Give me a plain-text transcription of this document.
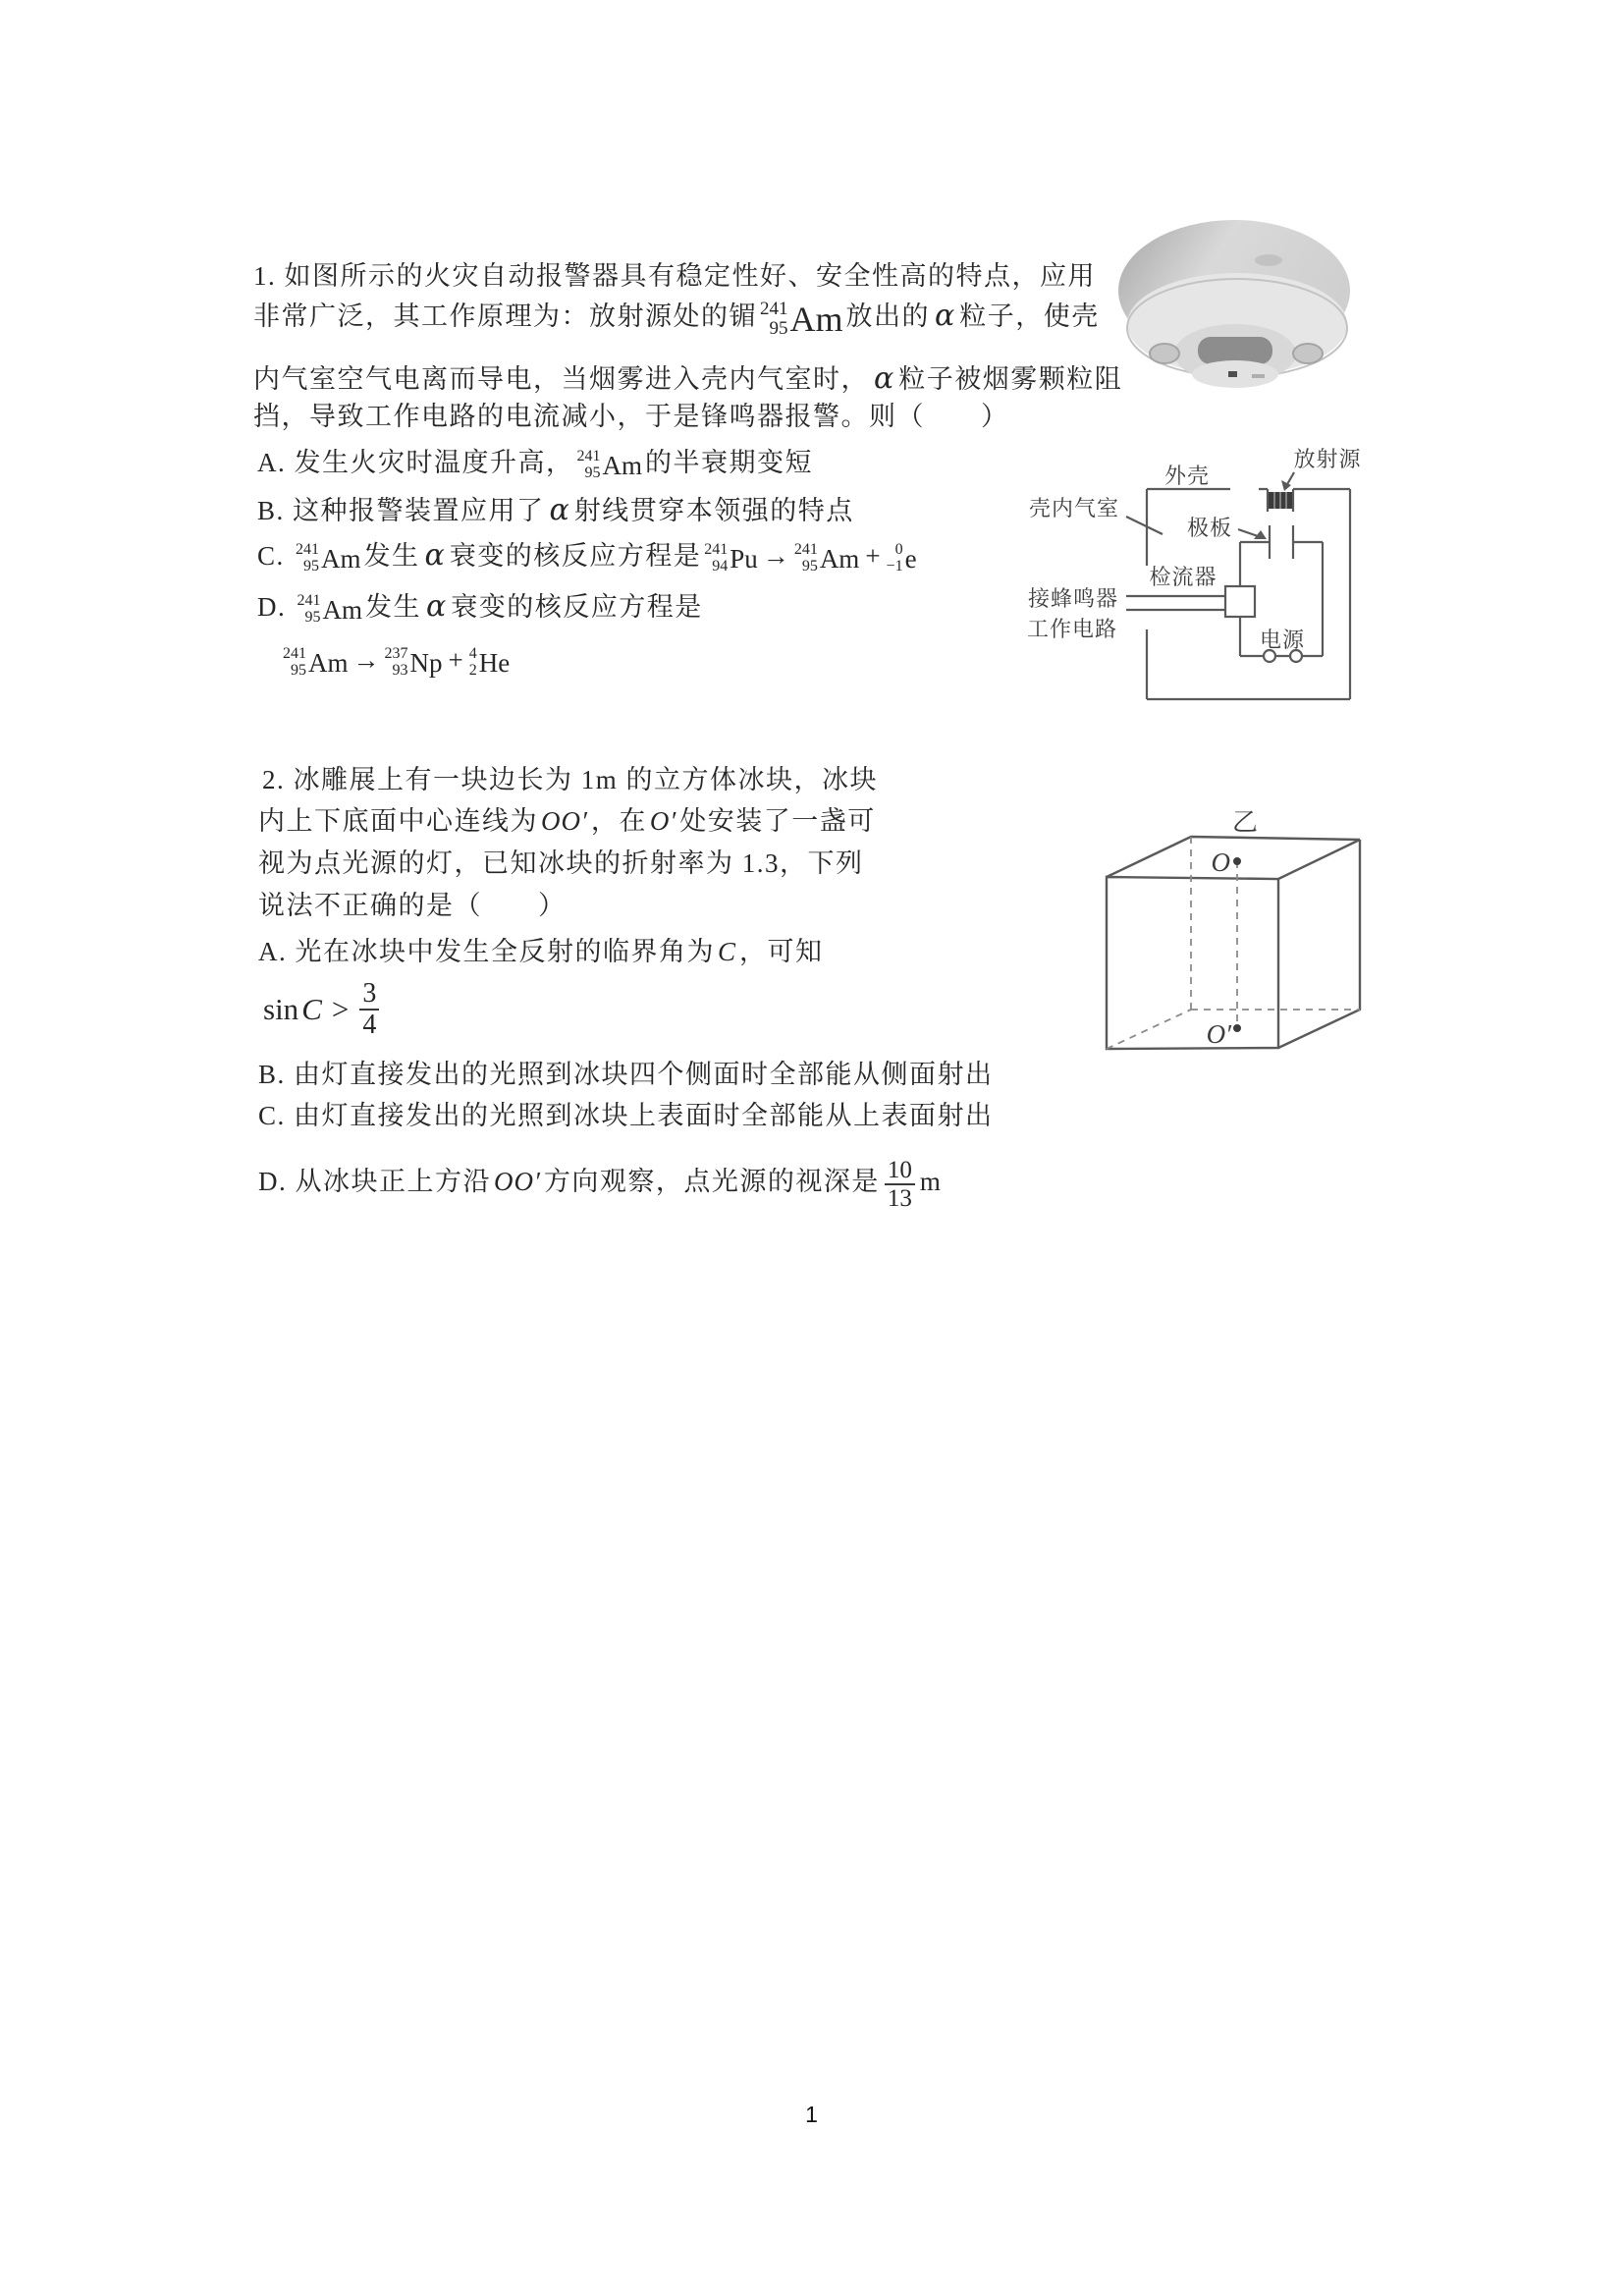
1. 如图所示的火灾自动报警器具有稳定性好、安全性高的特点，应用
非常广泛，其工作原理为：放射源处的镅 241
95 Am 放出的 α 粒子，使壳
内气室空气电离而导电，当烟雾进入壳内气室时， α 粒子被烟雾颗粒阻
挡，导致工作电路的电流减小，于是锋鸣器报警。则（　　）
A. 发生火灾时温度升高， 241
95 Am 的半衰期变短
B. 这种报警装置应用了 α 射线贯穿本领强的特点
C. 241
95 Am 发生 α 衰变的核反应方程是 241
94 Pu → 241
95 Am + 0
−1 e
D. 241
95 Am 发生 α 衰变的核反应方程是
241
95 Am → 237
93 Np + 4
2 He
外壳
放射源
壳内气室
极板
检流器
接蜂鸣器
工作电路	电源
2. 冰雕展上有一块边长为 1m 的立方体冰块，冰块
内上下底面中心连线为 OO′ ，在 O′ 处安装了一盏可
视为点光源的灯，已知冰块的折射率为 1.3，下列
说法不正确的是（　　）
A. 光在冰块中发生全反射的临界角为 C ，可知
$\sin C > \frac{3}{4}$
B. 由灯直接发出的光照到冰块四个侧面时全部能从侧面射出
C. 由灯直接发出的光照到冰块上表面时全部能从上表面射出
D. 从冰块正上方沿 OO′ 方向观察，点光源的视深是 $\frac{10}{13}$ m
乙
O
O′
1
